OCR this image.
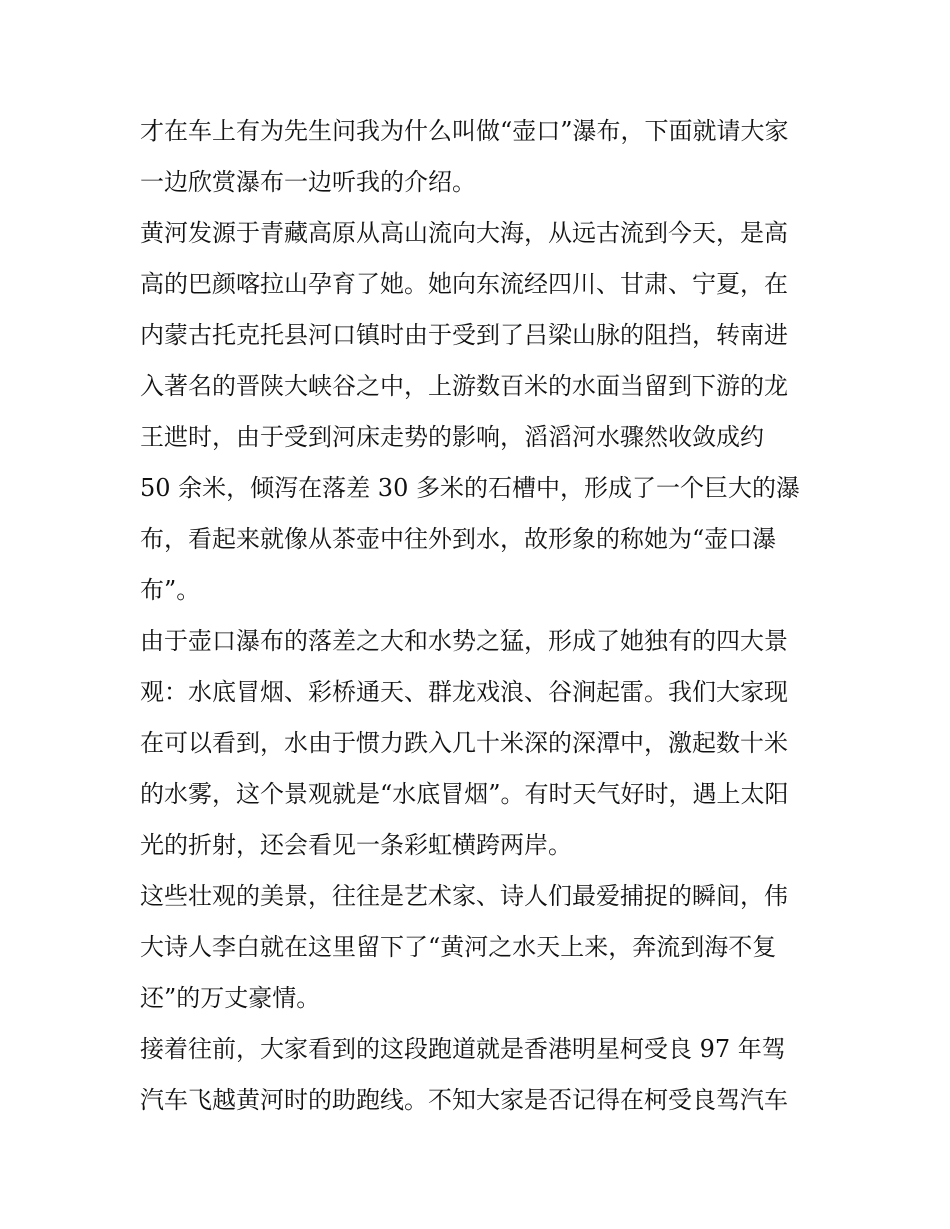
才在车上有为先生问我为什么叫做“壶口”瀑布，下面就请大家
一边欣赏瀑布一边听我的介绍。
黄河发源于青藏高原从高山流向大海，从远古流到今天，是高
高的巴颜喀拉山孕育了她。她向东流经四川、甘肃、宁夏，在
内蒙古托克托县河口镇时由于受到了吕梁山脉的阻挡，转南进
入著名的晋陕大峡谷之中，上游数百米的水面当留到下游的龙
王迣时，由于受到河床走势的影响，滔滔河水骤然收敛成约
50 余米，倾泻在落差 30 多米的石槽中，形成了一个巨大的瀑
布，看起来就像从茶壶中往外到水，故形象的称她为“壶口瀑
布”。
由于壶口瀑布的落差之大和水势之猛，形成了她独有的四大景
观：水底冒烟、彩桥通天、群龙戏浪、谷涧起雷。我们大家现
在可以看到，水由于惯力跌入几十米深的深潭中，激起数十米
的水雾，这个景观就是“水底冒烟”。有时天气好时，遇上太阳
光的折射，还会看见一条彩虹横跨两岸。
这些壮观的美景，往往是艺术家、诗人们最爱捕捉的瞬间，伟
大诗人李白就在这里留下了“黄河之水天上来，奔流到海不复
还”的万丈豪情。
接着往前，大家看到的这段跑道就是香港明星柯受良 97 年驾
汽车飞越黄河时的助跑线。不知大家是否记得在柯受良驾汽车
